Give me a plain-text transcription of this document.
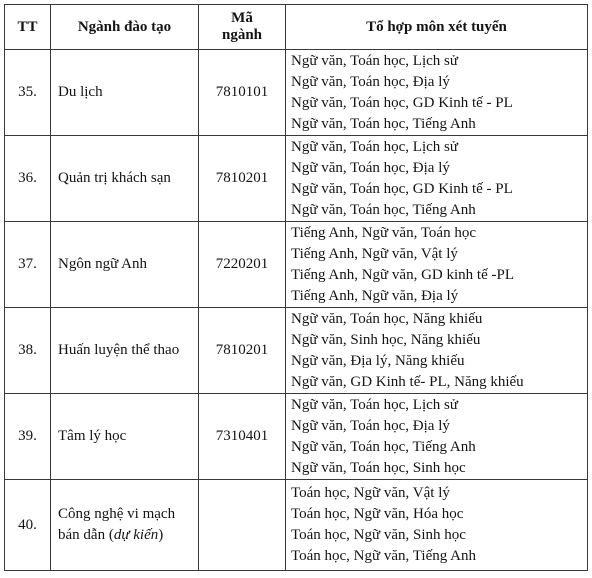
TT	Ngành đào tạo	Mã
ngành	Tổ hợp môn xét tuyển
35.	Du lịch	7810101	Ngữ văn, Toán học, Lịch sử
Ngữ văn, Toán học, Địa lý
Ngữ văn, Toán học, GD Kinh tế - PL
Ngữ văn, Toán học, Tiếng Anh

36.	Quản trị khách sạn	7810201	Ngữ văn, Toán học, Lịch sử
Ngữ văn, Toán học, Địa lý
Ngữ văn, Toán học, GD Kinh tế - PL
Ngữ văn, Toán học, Tiếng Anh

37.	Ngôn ngữ Anh	7220201	Tiếng Anh, Ngữ văn, Toán học
Tiếng Anh, Ngữ văn, Vật lý
Tiếng Anh, Ngữ văn, GD kinh tế -PL
Tiếng Anh, Ngữ văn, Địa lý

38.	Huấn luyện thể thao	7810201	Ngữ văn, Toán học, Năng khiếu
Ngữ văn, Sinh học, Năng khiếu
Ngữ văn, Địa lý, Năng khiếu
Ngữ văn, GD Kinh tế- PL, Năng khiếu

39.	Tâm lý học	7310401	Ngữ văn, Toán học, Lịch sử
Ngữ văn, Toán học, Địa lý
Ngữ văn, Toán học, Tiếng Anh
Ngữ văn, Toán học, Sinh học

40.	Công nghệ vi mạch
bán dẫn (dự kiến)		Toán học, Ngữ văn, Vật lý
Toán học, Ngữ văn, Hóa học
Toán học, Ngữ văn, Sinh học
Toán học, Ngữ văn, Tiếng Anh
